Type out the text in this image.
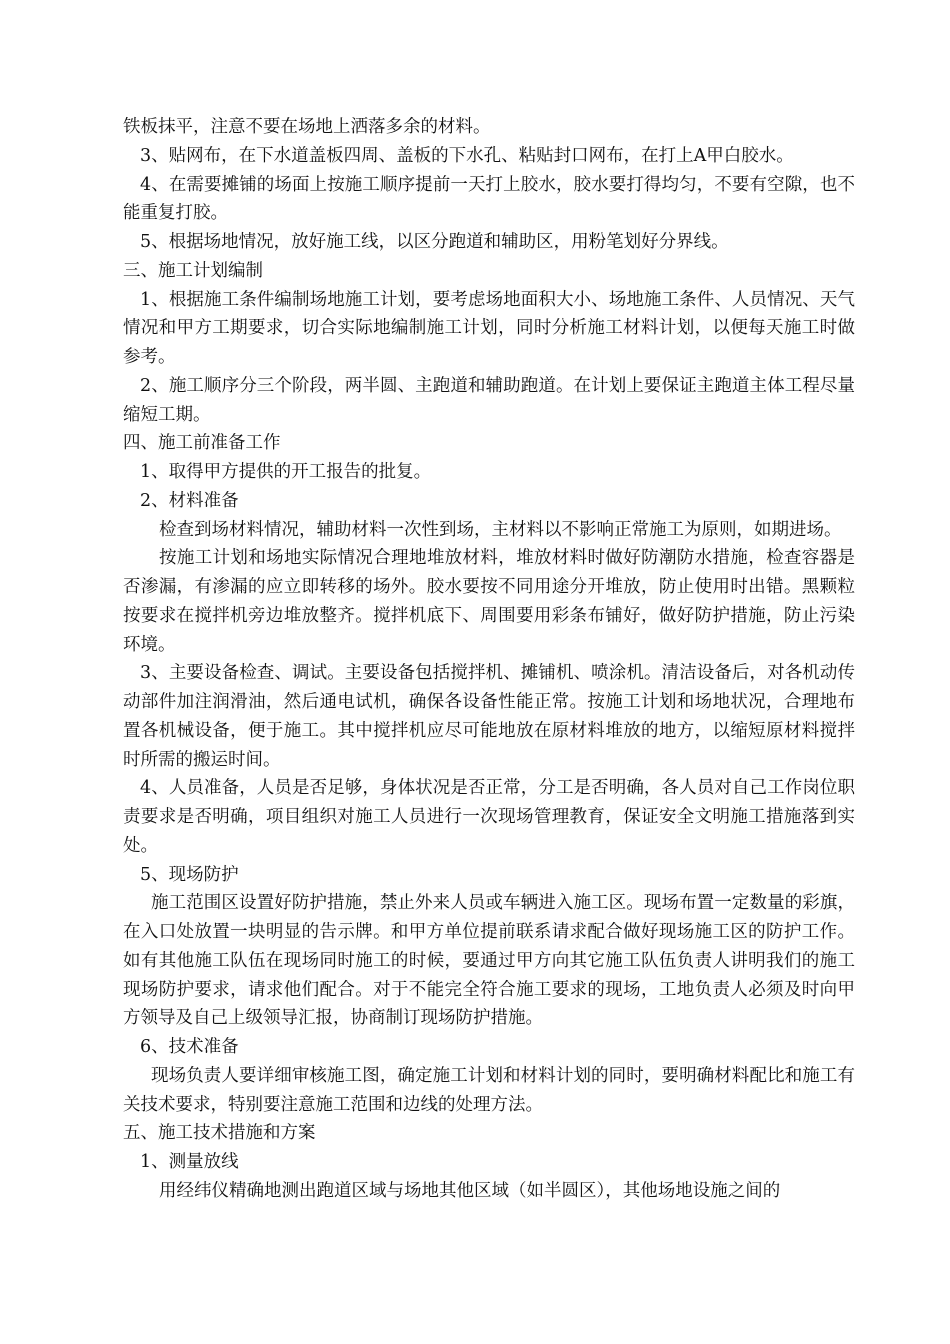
铁板抹平，注意不要在场地上洒落多余的材料。

3、贴网布，在下水道盖板四周、盖板的下水孔、粘贴封口网布，在打上A甲白胶水。

4、在需要摊铺的场面上按施工顺序提前一天打上胶水，胶水要打得均匀，不要有空隙，也不能重复打胶。

5、根据场地情况，放好施工线，以区分跑道和辅助区，用粉笔划好分界线。

三、施工计划编制

1、根据施工条件编制场地施工计划，要考虑场地面积大小、场地施工条件、人员情况、天气情况和甲方工期要求，切合实际地编制施工计划，同时分析施工材料计划，以便每天施工时做参考。

2、施工顺序分三个阶段，两半圆、主跑道和辅助跑道。在计划上要保证主跑道主体工程尽量缩短工期。

四、施工前准备工作

1、取得甲方提供的开工报告的批复。

2、材料准备

检查到场材料情况，辅助材料一次性到场，主材料以不影响正常施工为原则，如期进场。

按施工计划和场地实际情况合理地堆放材料，堆放材料时做好防潮防水措施，检查容器是否渗漏，有渗漏的应立即转移的场外。胶水要按不同用途分开堆放，防止使用时出错。黑颗粒按要求在搅拌机旁边堆放整齐。搅拌机底下、周围要用彩条布铺好，做好防护措施，防止污染环境。

3、主要设备检查、调试。主要设备包括搅拌机、摊铺机、喷涂机。清洁设备后，对各机动传动部件加注润滑油，然后通电试机，确保各设备性能正常。按施工计划和场地状况，合理地布置各机械设备，便于施工。其中搅拌机应尽可能地放在原材料堆放的地方，以缩短原材料搅拌时所需的搬运时间。

4、人员准备，人员是否足够，身体状况是否正常，分工是否明确，各人员对自己工作岗位职责要求是否明确，项目组织对施工人员进行一次现场管理教育，保证安全文明施工措施落到实处。

5、现场防护

施工范围区设置好防护措施，禁止外来人员或车辆进入施工区。现场布置一定数量的彩旗，在入口处放置一块明显的告示牌。和甲方单位提前联系请求配合做好现场施工区的防护工作。如有其他施工队伍在现场同时施工的时候，要通过甲方向其它施工队伍负责人讲明我们的施工现场防护要求，请求他们配合。对于不能完全符合施工要求的现场，工地负责人必须及时向甲方领导及自己上级领导汇报，协商制订现场防护措施。

6、技术准备

现场负责人要详细审核施工图，确定施工计划和材料计划的同时，要明确材料配比和施工有关技术要求，特别要注意施工范围和边线的处理方法。

五、施工技术措施和方案

1、测量放线

用经纬仪精确地测出跑道区域与场地其他区域（如半圆区），其他场地设施之间的
